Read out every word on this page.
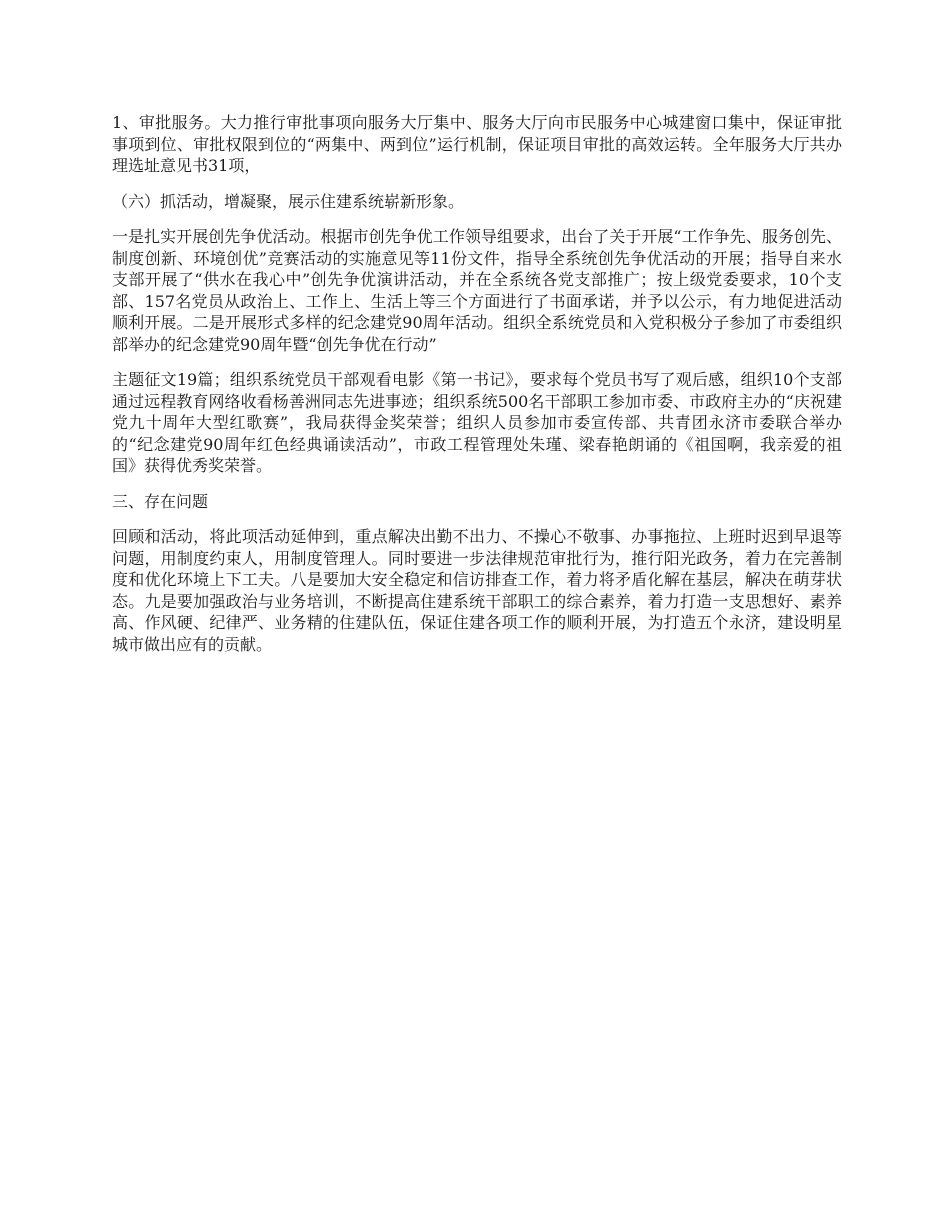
1、审批服务。大力推行审批事项向服务大厅集中、服务大厅向市民服务中心城建窗口集中，保证审批事项到位、审批权限到位的“两集中、两到位”运行机制，保证项目审批的高效运转。全年服务大厅共办理选址意见书31项，

（六）抓活动，增凝聚，展示住建系统崭新形象。

一是扎实开展创先争优活动。根据市创先争优工作领导组要求，出台了关于开展“工作争先、服务创先、制度创新、环境创优”竞赛活动的实施意见等11份文件，指导全系统创先争优活动的开展；指导自来水支部开展了“供水在我心中”创先争优演讲活动，并在全系统各党支部推广；按上级党委要求，10个支部、157名党员从政治上、工作上、生活上等三个方面进行了书面承诺，并予以公示，有力地促进活动顺利开展。二是开展形式多样的纪念建党90周年活动。组织全系统党员和入党积极分子参加了市委组织部举办的纪念建党90周年暨“创先争优在行动”

主题征文19篇；组织系统党员干部观看电影《第一书记》，要求每个党员书写了观后感，组织10个支部通过远程教育网络收看杨善洲同志先进事迹；组织系统500名干部职工参加市委、市政府主办的“庆祝建党九十周年大型红歌赛”，我局获得金奖荣誉；组织人员参加市委宣传部、共青团永济市委联合举办的“纪念建党90周年红色经典诵读活动”，市政工程管理处朱瑾、梁春艳朗诵的《祖国啊，我亲爱的祖国》获得优秀奖荣誉。

三、存在问题

回顾和活动，将此项活动延伸到，重点解决出勤不出力、不操心不敬事、办事拖拉、上班时迟到早退等问题，用制度约束人，用制度管理人。同时要进一步法律规范审批行为，推行阳光政务，着力在完善制度和优化环境上下工夫。八是要加大安全稳定和信访排查工作，着力将矛盾化解在基层，解决在萌芽状态。九是要加强政治与业务培训，不断提高住建系统干部职工的综合素养，着力打造一支思想好、素养高、作风硬、纪律严、业务精的住建队伍，保证住建各项工作的顺利开展，为打造五个永济，建设明星城市做出应有的贡献。
